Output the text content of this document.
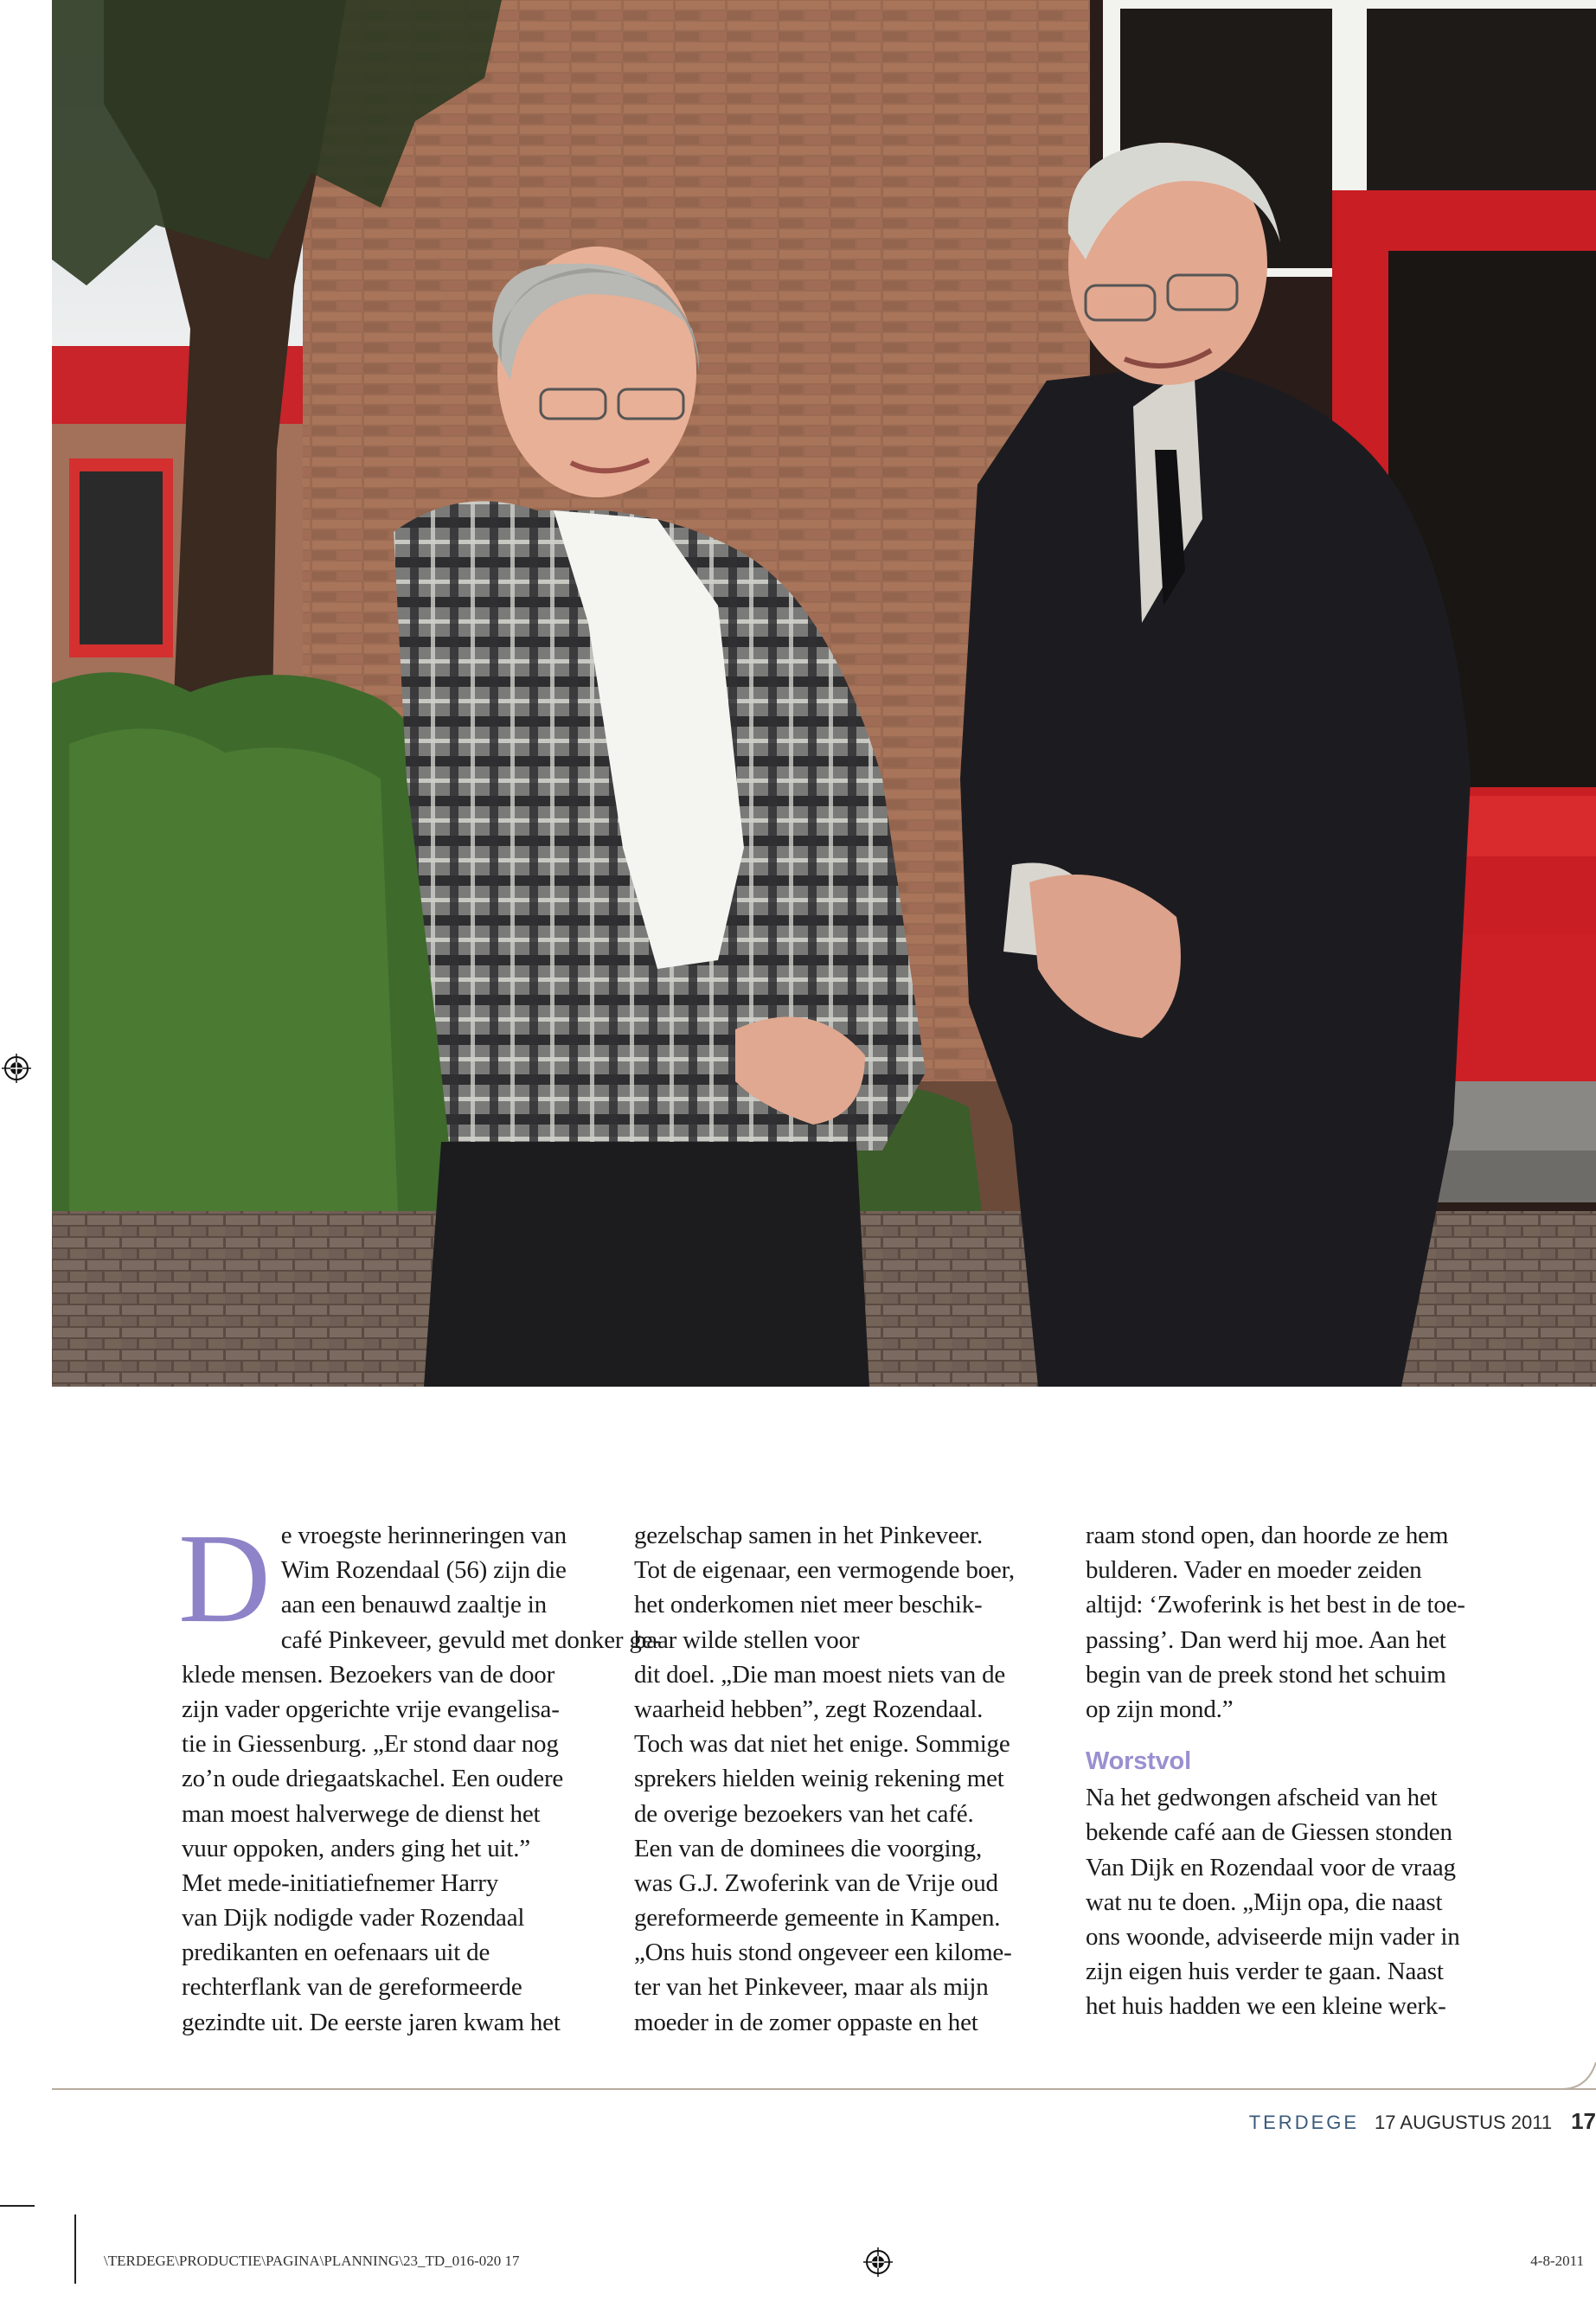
D e vroegste herinneringen van
Wim Rozendaal (56) zijn die
aan een benauwd zaaltje in
café Pinkeveer, gevuld met donker ge-
klede mensen. Bezoekers van de door
zijn vader opgerichte vrije evangelisa-
tie in Giessenburg. „Er stond daar nog
zo’n oude driegaatskachel. Een oudere
man moest halverwege de dienst het
vuur oppoken, anders ging het uit.”
Met mede-initiatiefnemer Harry
van Dijk nodigde vader Rozendaal
predikanten en oefenaars uit de
rechterflank van de gereformeerde
gezindte uit. De eerste jaren kwam het

gezelschap samen in het Pinkeveer.
Tot de eigenaar, een vermogende boer,
het onderkomen niet meer beschik-
baar wilde stellen voor
dit doel. „Die man moest niets van de
waarheid hebben”, zegt Rozendaal.
Toch was dat niet het enige. Sommige
sprekers hielden weinig rekening met
de overige bezoekers van het café.
Een van de dominees die voorging,
was G.J. Zwoferink van de Vrije oud
gereformeerde gemeente in Kampen.
„Ons huis stond ongeveer een kilome-
ter van het Pinkeveer, maar als mijn
moeder in de zomer oppaste en het

raam stond open, dan hoorde ze hem
bulderen. Vader en moeder zeiden
altijd: ‘Zwoferink is het best in de toe-
passing’. Dan werd hij moe. Aan het
begin van de preek stond het schuim
op zijn mond.”

Worstvol

Na het gedwongen afscheid van het
bekende café aan de Giessen stonden
Van Dijk en Rozendaal voor de vraag
wat nu te doen. „Mijn opa, die naast
ons woonde, adviseerde mijn vader in
zijn eigen huis verder te gaan. Naast
het huis hadden we een kleine werk-

TERDEGE 17 AUGUSTUS 2011 17
\TERDEGE\PRODUCTIE\PAGINA\PLANNING\23_TD_016-020 17	4-8-2011
